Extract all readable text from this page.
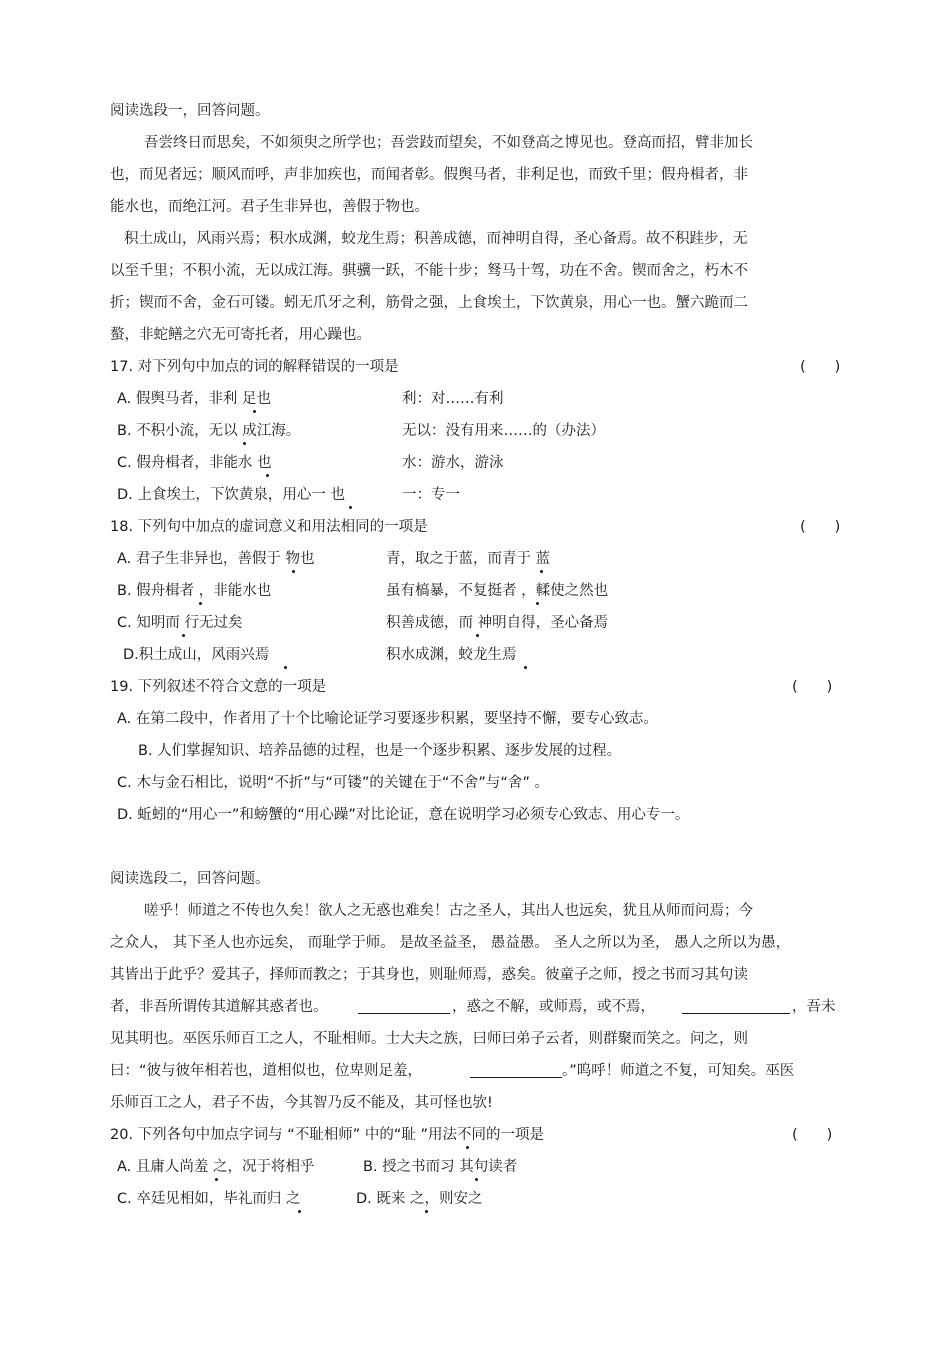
阅读选段一，回答问题。
吾尝终日而思矣，不如须臾之所学也；吾尝跂而望矣，不如登高之博见也。登高而招，臂非加长
也，而见者远；顺风而呼，声非加疾也，而闻者彰。假舆马者，非利足也，而致千里；假舟楫者，非
能水也，而绝江河。君子生非异也，善假于物也。
积土成山，风雨兴焉；积水成渊，蛟龙生焉；积善成德，而神明自得，圣心备焉。故不积跬步，无
以至千里；不积小流，无以成江海。骐骥一跃，不能十步；驽马十驾，功在不舍。锲而舍之，朽木不
折；锲而不舍，金石可镂。蚓无爪牙之利，筋骨之强，上食埃土，下饮黄泉，用心一也。蟹六跪而二
螯，非蛇鳝之穴无可寄托者，用心躁也。
17. 对下列句中加点的词的解释错误的一项是	(　　)
A. 假舆马者，非利 足也	利：对……有利
B. 不积小流，无以 成江海。	无以：没有用来……的（办法）
C. 假舟楫者，非能水 也	水：游水，游泳
D. 上食埃土，下饮黄泉，用心一 也	一：专一
18. 下列句中加点的虚词意义和用法相同的一项是	(　　)
A. 君子生非异也，善假于 物也	青，取之于蓝，而青于 蓝
B. 假舟楫者 ，非能水也	虽有槁暴，不复挺者 ，輮使之然也
C. 知明而 行无过矣	积善成德，而 神明自得，圣心备焉
D.积土成山，风雨兴焉	积水成渊，蛟龙生焉
19. 下列叙述不符合文意的一项是	(　　)
A. 在第二段中，作者用了十个比喻论证学习要逐步积累，要坚持不懈，要专心致志。
B. 人们掌握知识、培养品德的过程，也是一个逐步积累、逐步发展的过程。
C. 木与金石相比，说明“不折”与“可镂”的关键在于“不舍”与“舍” 。
D. 蚯蚓的“用心一”和螃蟹的“用心躁”对比论证，意在说明学习必须专心致志、用心专一。
阅读选段二，回答问题。
嗟乎！师道之不传也久矣！欲人之无惑也难矣！古之圣人，其出人也远矣，犹且从师而问焉；今
之众人， 其下圣人也亦远矣， 而耻学于师。 是故圣益圣， 愚益愚。 圣人之所以为圣， 愚人之所以为愚，
其皆出于此乎？爱其子，择师而教之；于其身也，则耻师焉，惑矣。彼童子之师，授之书而习其句读
者，非吾所谓传其道解其惑者也。	，惑之不解，或师焉，或不焉，	，吾未
见其明也。巫医乐师百工之人，不耻相师。士大夫之族，曰师曰弟子云者，则群聚而笑之。问之，则
曰：“彼与彼年相若也，道相似也，位卑则足羞，	。”呜呼！师道之不复，可知矣。巫医
乐师百工之人，君子不齿，今其智乃反不能及，其可怪也欤!
20. 下列各句中加点字词与 “不耻相师” 中的“耻 ”用法不同的一项是	(　　)
A. 且庸人尚羞 之，况于将相乎	B. 授之书而习 其句读者
C. 卒廷见相如，毕礼而归 之	D. 既来 之，则安之
